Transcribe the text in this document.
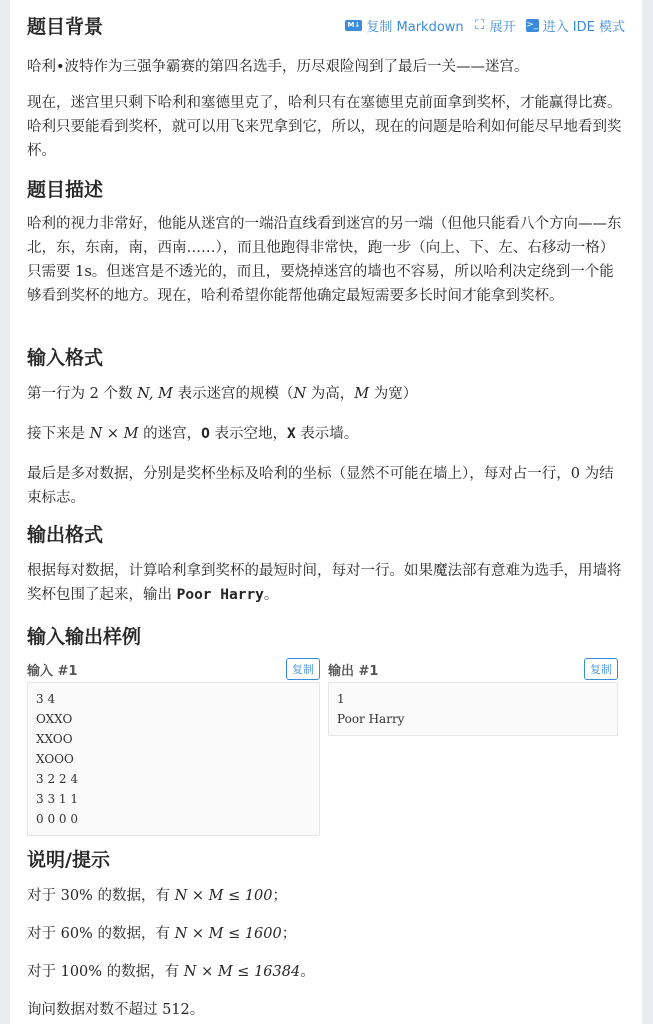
题目背景	M↓ 复制 Markdown ⛶ 展开 >_ 进入 IDE 模式

哈利•波特作为三强争霸赛的第四名选手，历尽艰险闯到了最后一关——迷宫。

现在，迷宫里只剩下哈利和塞德里克了，哈利只有在塞德里克前面拿到奖杯，才能赢得比赛。哈利只要能看到奖杯，就可以用飞来咒拿到它，所以，现在的问题是哈利如何能尽早地看到奖杯。

题目描述

哈利的视力非常好，他能从迷宫的一端沿直线看到迷宫的另一端（但他只能看八个方向——东北，东，东南，南，西南……），而且他跑得非常快，跑一步（向上、下、左、右移动一格）只需要 1s。但迷宫是不透光的，而且，要烧掉迷宫的墙也不容易，所以哈利决定绕到一个能够看到奖杯的地方。现在，哈利希望你能帮他确定最短需要多长时间才能拿到奖杯。

输入格式

第一行为 2 个数 N, M 表示迷宫的规模（N 为高，M 为宽）

接下来是 N × M 的迷宫，O 表示空地，X 表示墙。

最后是多对数据，分别是奖杯坐标及哈利的坐标（显然不可能在墙上），每对占一行，0 为结束标志。

输出格式

根据每对数据，计算哈利拿到奖杯的最短时间，每对一行。如果魔法部有意难为选手，用墙将奖杯包围了起来，输出 Poor Harry。

输入输出样例
输入 #1	复制
3 4
OXXO
XXOO
XOOO
3 2 2 4
3 3 1 1
0 0 0 0
输出 #1	复制
1
Poor Harry
说明/提示

对于 30% 的数据，有 N × M ≤ 100；

对于 60% 的数据，有 N × M ≤ 1600；

对于 100% 的数据，有 N × M ≤ 16384。

询问数据对数不超过 512。
